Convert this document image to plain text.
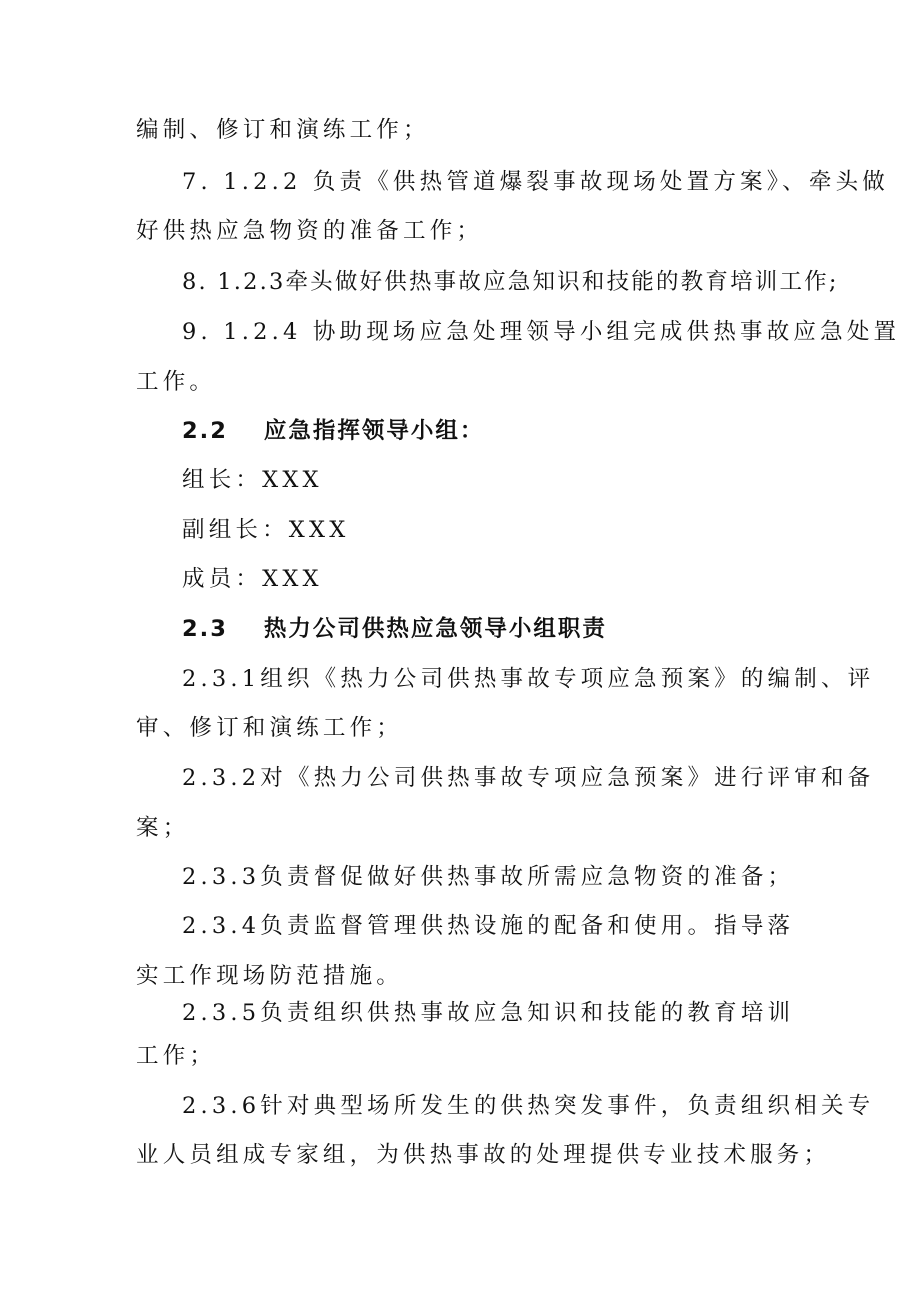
编制、修订和演练工作；
7. 1.2.2 负责《供热管道爆裂事故现场处置方案》、牵头做
好供热应急物资的准备工作；
8. 1.2.3牵头做好供热事故应急知识和技能的教育培训工作;
9. 1.2.4 协助现场应急处理领导小组完成供热事故应急处置
工作。
2.2 应急指挥领导小组：
组长：XXX
副组长：XXX
成员：XXX
2.3 热力公司供热应急领导小组职责
2.3.1组织《热力公司供热事故专项应急预案》的编制、评
审、修订和演练工作；
2.3.2对《热力公司供热事故专项应急预案》进行评审和备
案；
2.3.3负责督促做好供热事故所需应急物资的准备；
2.3.4负责监督管理供热设施的配备和使用。指导落
实工作现场防范措施。
2.3.5负责组织供热事故应急知识和技能的教育培训
工作；
2.3.6针对典型场所发生的供热突发事件，负责组织相关专
业人员组成专家组，为供热事故的处理提供专业技术服务；
